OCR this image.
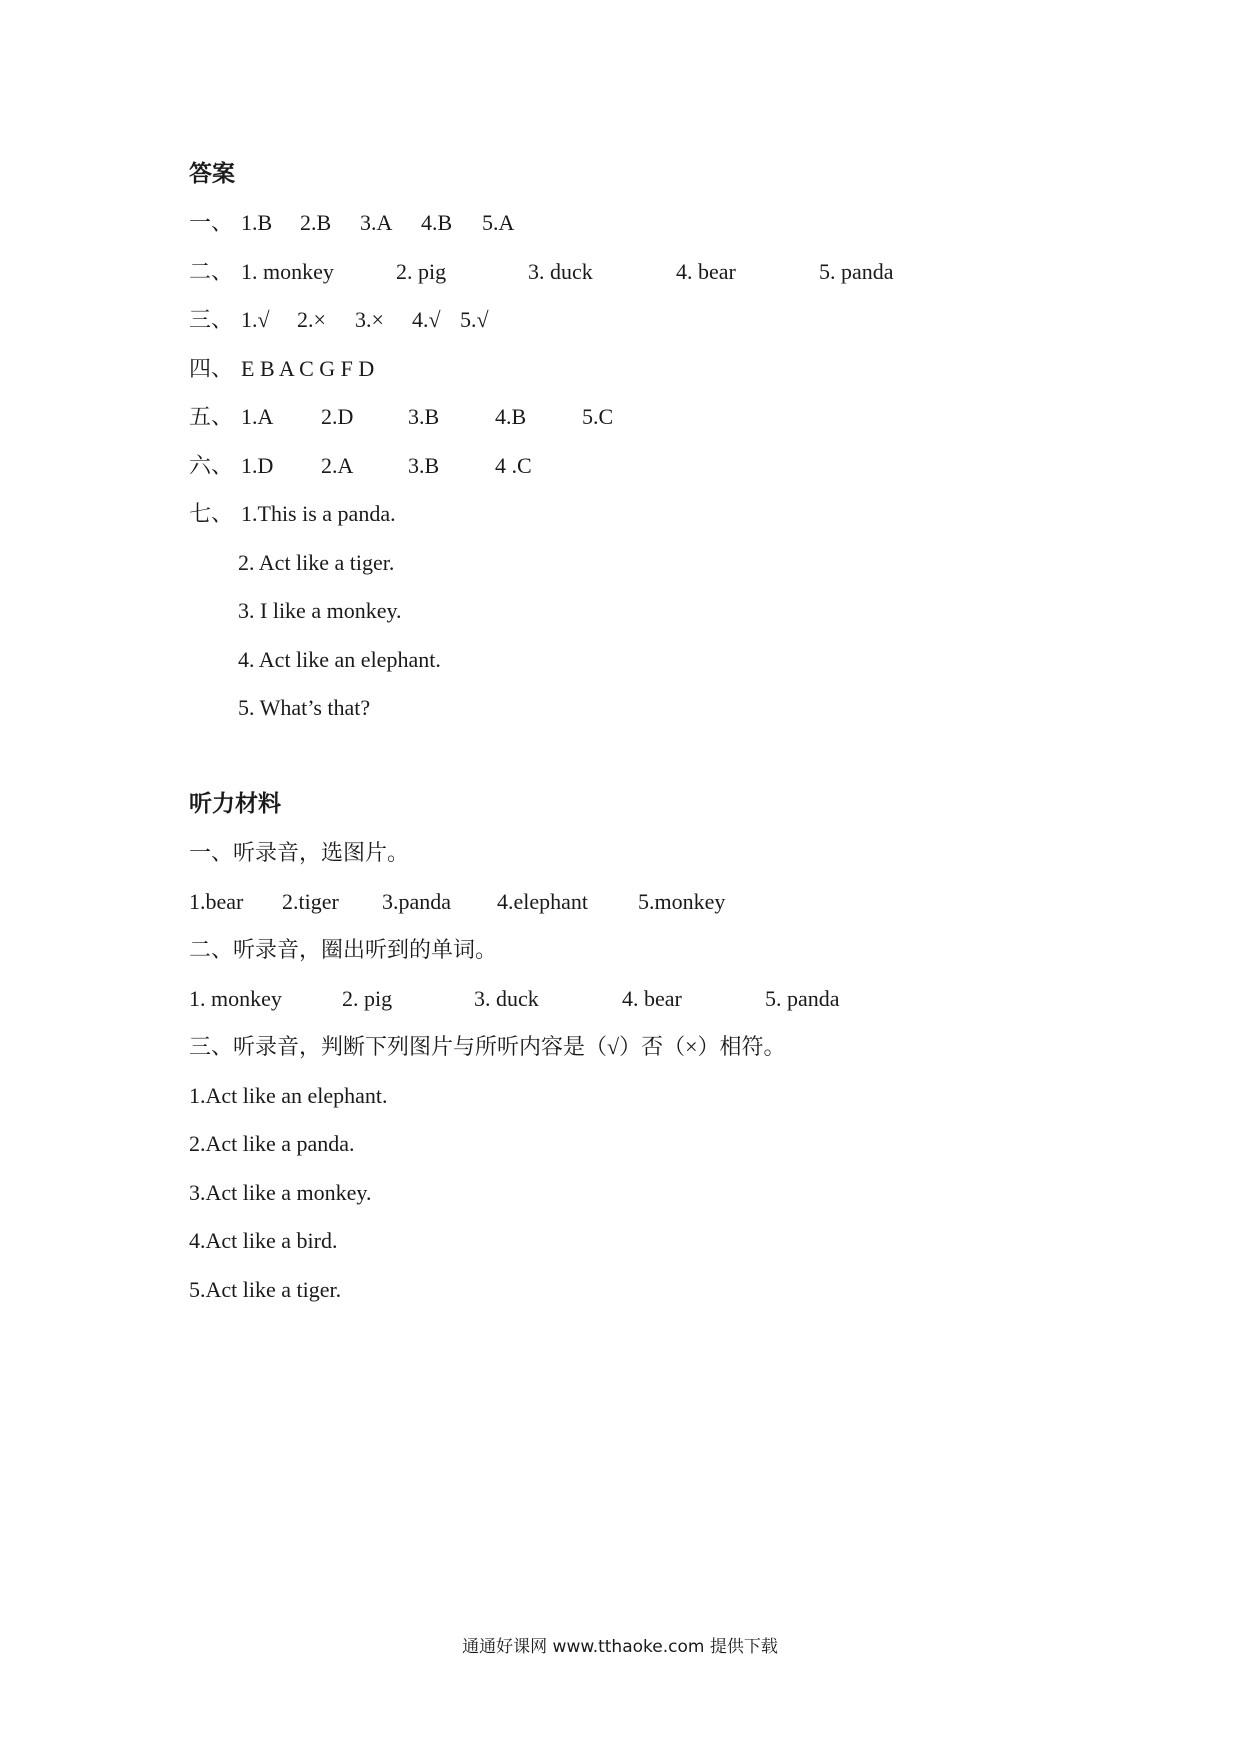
答案
一、 1.B 2.B 3.A 4.B 5.A
二、 1. monkey	2. pig	3. duck	4. bear	5. panda
三、 1.√ 2.× 3.× 4.√ 5.√
四、 E B A C G F D
五、 1.A 2.D 3.B	4.B	5.C
六、 1.D 2.A 3.B	4 .C
七、 1.This is a panda.
2. Act like a tiger.
3. I like a monkey.
4. Act like an elephant.
5. What’s that?
听力材料
一、听录音，选图片。
1.bear 2.tiger 3.panda 4.elephant 5.monkey
二、听录音，圈出听到的单词。
1. monkey	2. pig	3. duck	4. bear	5. panda
三、听录音，判断下列图片与所听内容是（√）否（×）相符。
1.Act like an elephant.
2.Act like a panda.
3.Act like a monkey.
4.Act like a bird.
5.Act like a tiger.
通通好课网 www.tthaoke.com 提供下载
